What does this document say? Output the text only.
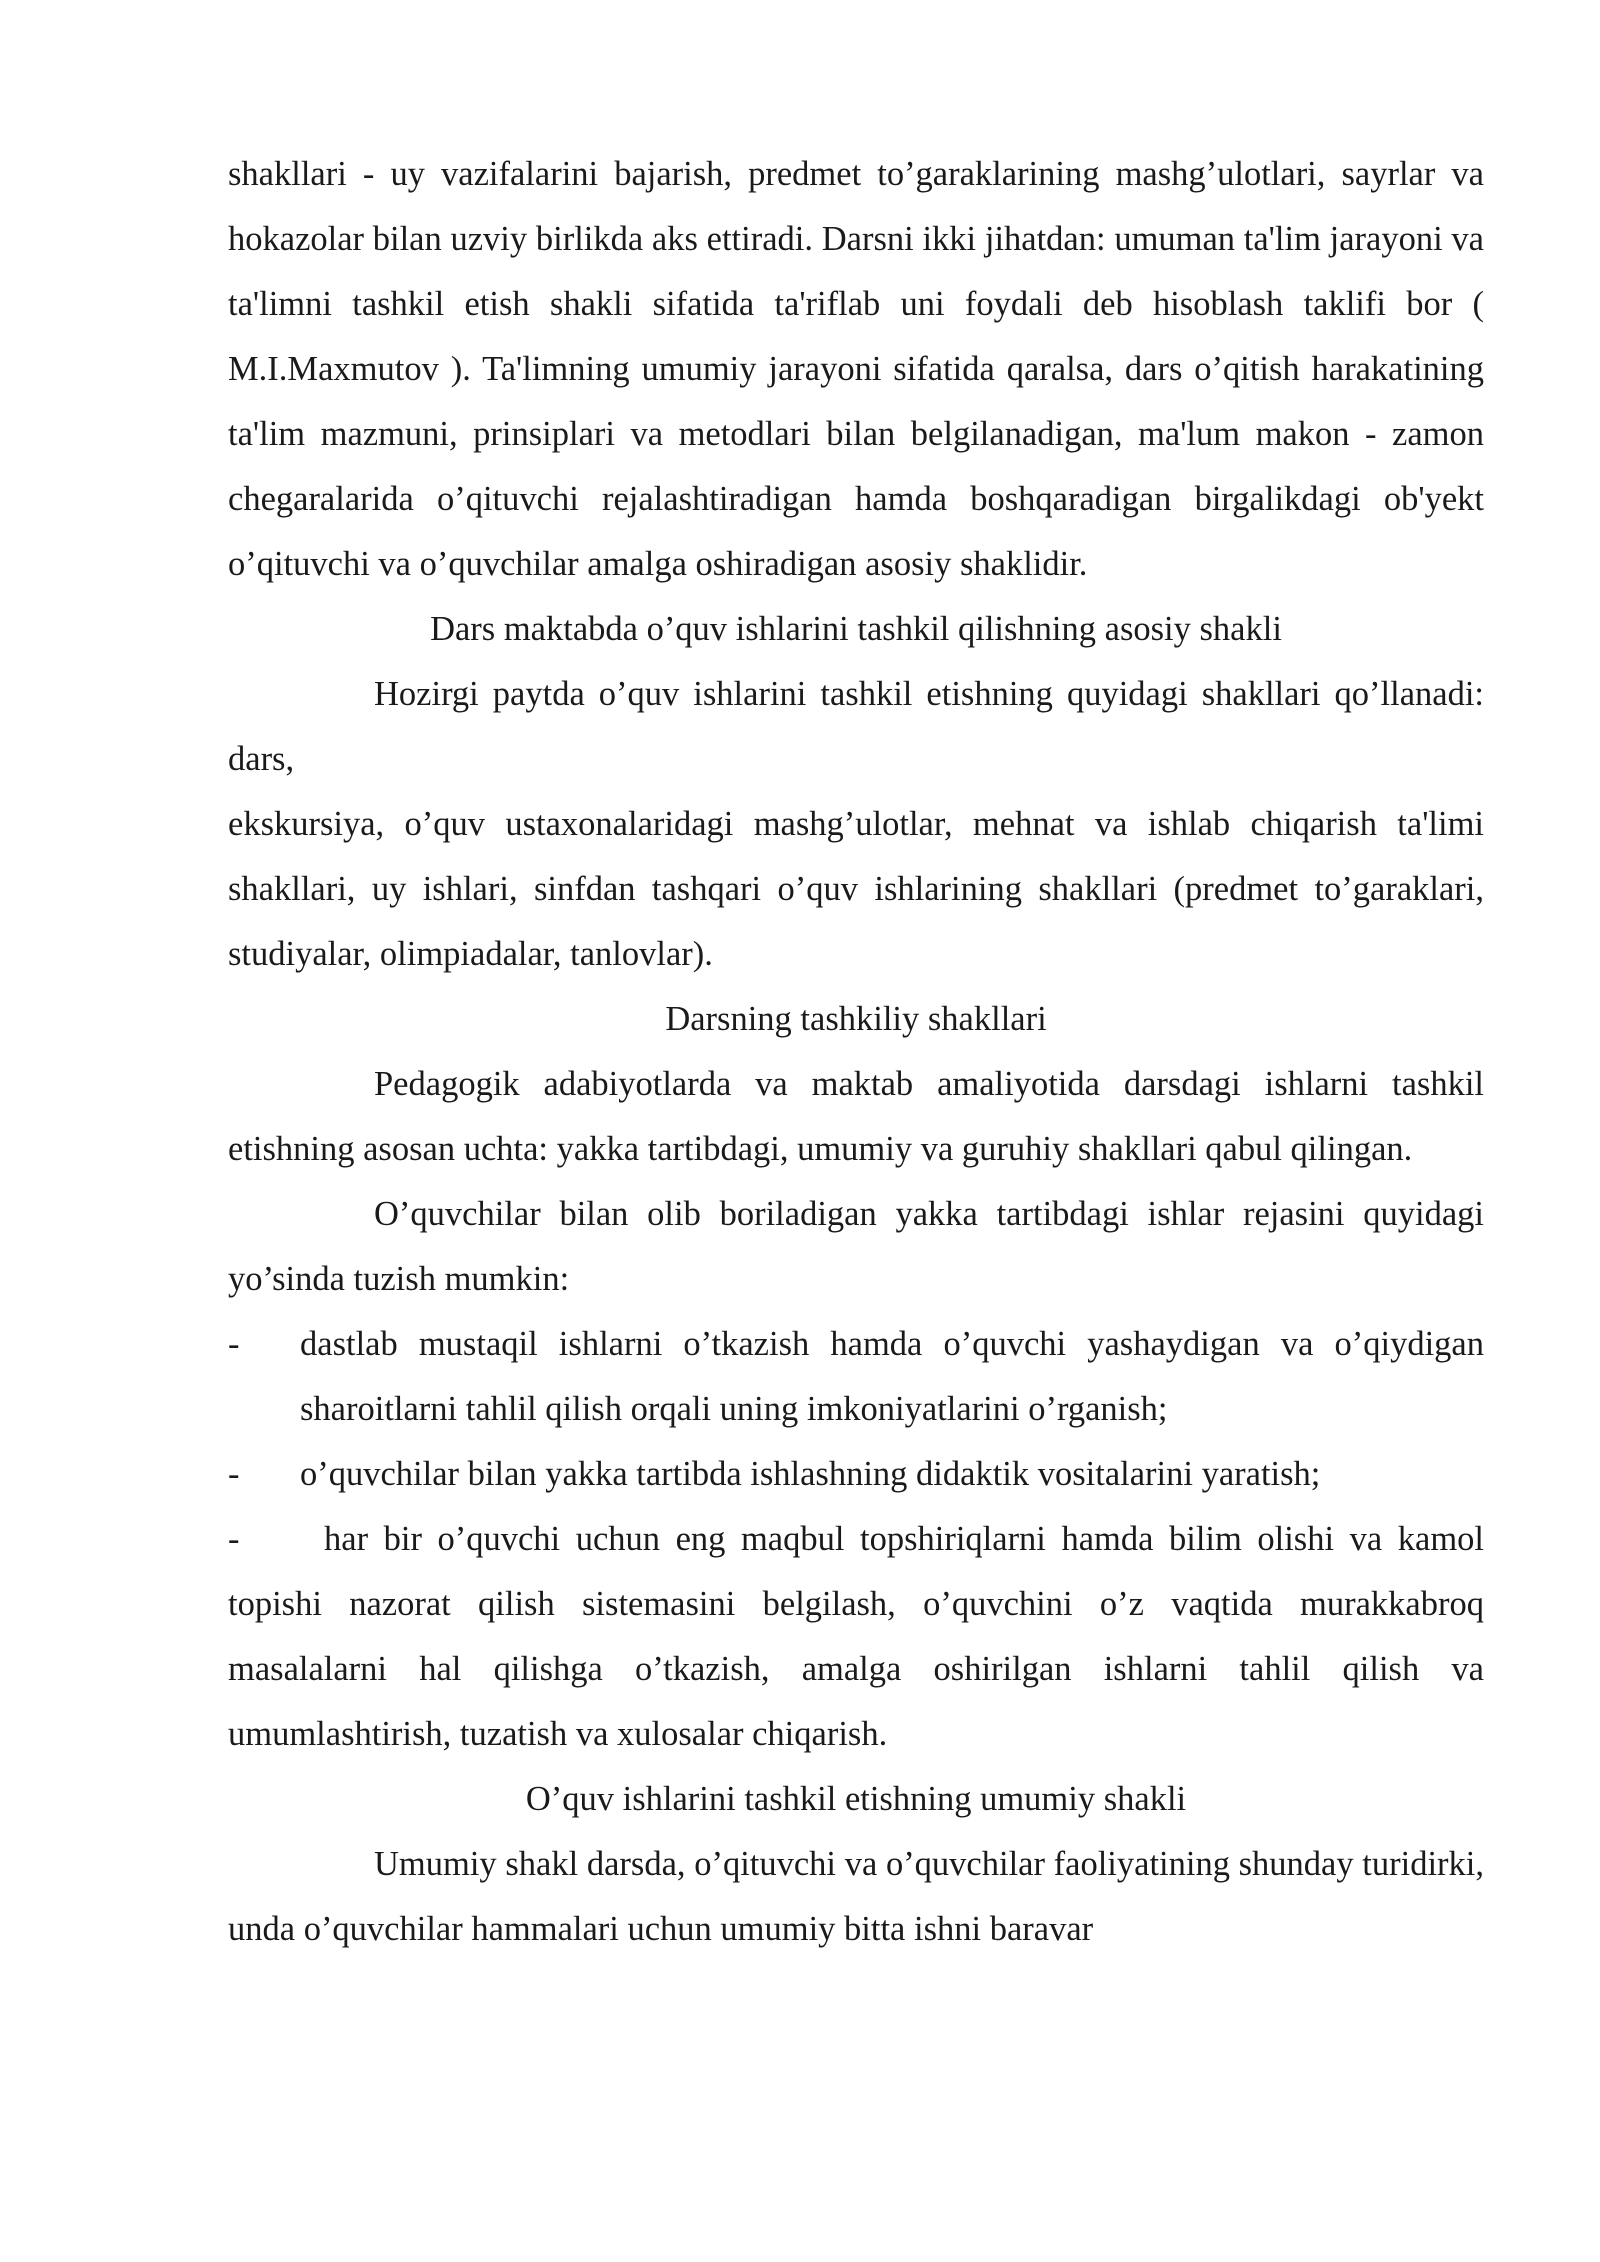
shakllari - uy vazifalarini bajarish, predmet to’garaklarining mashg’ulotlari, sayrlar va hokazolar bilan uzviy birlikda aks ettiradi. Darsni ikki jihatdan: umuman ta'lim jarayoni va ta'limni tashkil etish shakli sifatida ta'riflab uni foydali deb hisoblash taklifi bor ( M.I.Maxmutov ). Ta'limning umumiy jarayoni sifatida qaralsa, dars o’qitish harakatining ta'lim mazmuni, prinsiplari va metodlari bilan belgilanadigan, ma'lum makon - zamon chegaralarida o’qituvchi rejalashtiradigan hamda boshqaradigan birgalikdagi ob'yekt o’qituvchi va o’quvchilar amalga oshiradigan asosiy shaklidir.

Dars maktabda o’quv ishlarini tashkil qilishning asosiy shakli

Hozirgi paytda o’quv ishlarini tashkil etishning quyidagi shakllari qo’llanadi: dars,

ekskursiya, o’quv ustaxonalaridagi mashg’ulotlar, mehnat va ishlab chiqarish ta'limi shakllari, uy ishlari, sinfdan tashqari o’quv ishlarining shakllari (predmet to’garaklari, studiyalar, olimpiadalar, tanlovlar).

Darsning tashkiliy shakllari

Pedagogik adabiyotlarda va maktab amaliyotida darsdagi ishlarni tashkil etishning asosan uchta: yakka tartibdagi, umumiy va guruhiy shakllari qabul qilingan.

O’quvchilar bilan olib boriladigan yakka tartibdagi ishlar rejasini quyidagi yo’sinda tuzish mumkin:

-	dastlab mustaqil ishlarni o’tkazish hamda o’quvchi yashaydigan va o’qiydigan sharoitlarni tahlil qilish orqali uning imkoniyatlarini o’rganish;
-	o’quvchilar bilan yakka tartibda ishlashning didaktik vositalarini yaratish;

- har bir o’quvchi uchun eng maqbul topshiriqlarni hamda bilim olishi va kamol topishi nazorat qilish sistemasini belgilash, o’quvchini o’z vaqtida murakkabroq masalalarni hal qilishga o’tkazish, amalga oshirilgan ishlarni tahlil qilish va umumlashtirish, tuzatish va xulosalar chiqarish.

O’quv ishlarini tashkil etishning umumiy shakli

Umumiy shakl darsda, o’qituvchi va o’quvchilar faoliyatining shunday turidirki, unda o’quvchilar hammalari uchun umumiy bitta ishni baravar
